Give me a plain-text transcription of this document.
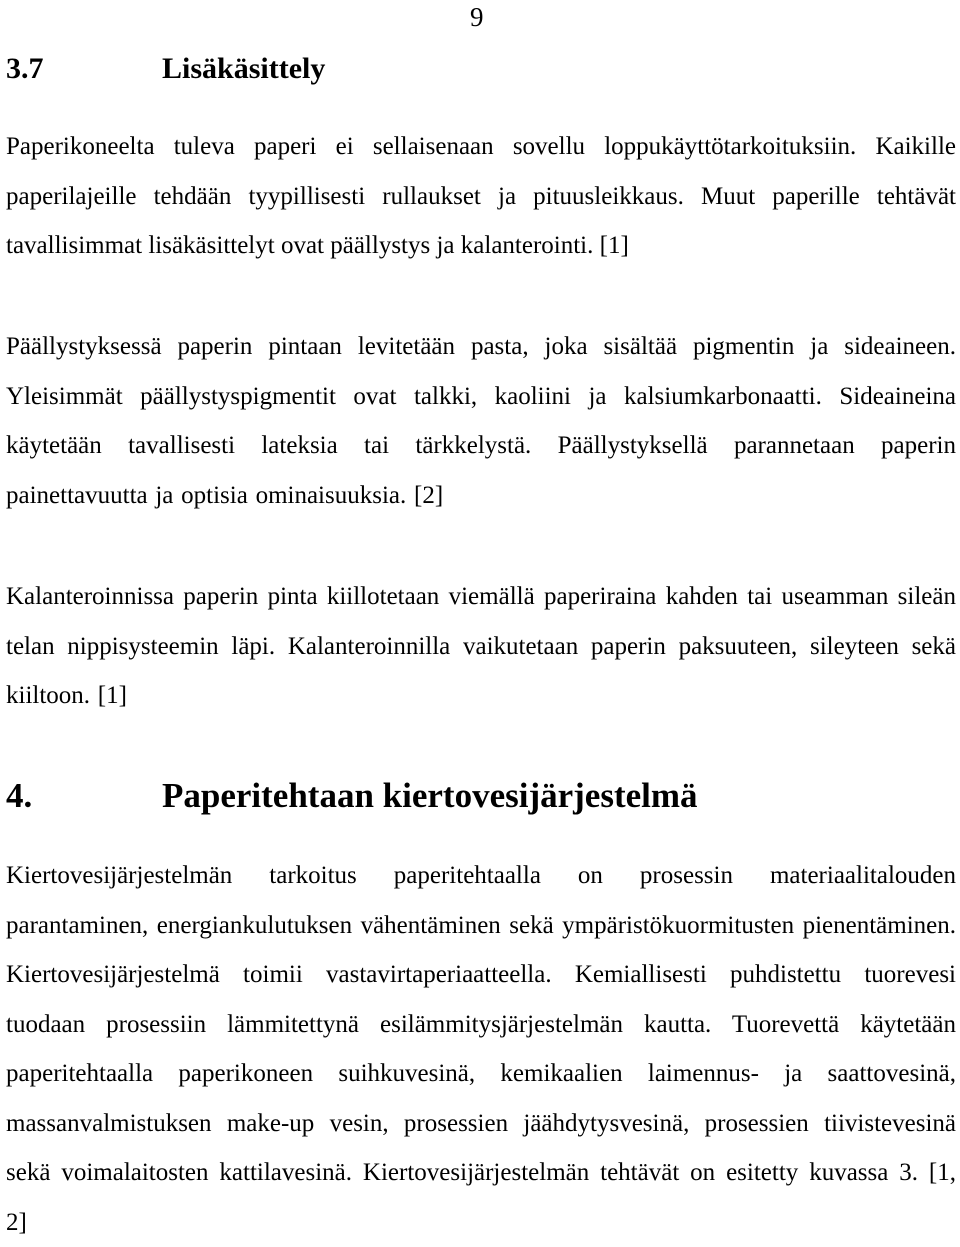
9
3.7	Lisäkäsittely

Paperikoneelta tuleva paperi ei sellaisenaan sovellu loppukäyttötarkoituksiin. Kaikille paperilajeille tehdään tyypillisesti rullaukset ja pituusleikkaus. Muut paperille tehtävät tavallisimmat lisäkäsittelyt ovat päällystys ja kalanterointi. [1]

Päällystyksessä paperin pintaan levitetään pasta, joka sisältää pigmentin ja sideaineen. Yleisimmät päällystyspigmentit ovat talkki, kaoliini ja kalsiumkarbonaatti. Sideaineina käytetään tavallisesti lateksia tai tärkkelystä. Päällystyksellä parannetaan paperin painettavuutta ja optisia ominaisuuksia. [2]

Kalanteroinnissa paperin pinta kiillotetaan viemällä paperiraina kahden tai useamman sileän telan nippisysteemin läpi. Kalanteroinnilla vaikutetaan paperin paksuuteen, sileyteen sekä kiiltoon. [1]

4.	Paperitehtaan kiertovesijärjestelmä

Kiertovesijärjestelmän tarkoitus paperitehtaalla on prosessin materiaalitalouden parantaminen, energiankulutuksen vähentäminen sekä ympäristökuormitusten pienentäminen. Kiertovesijärjestelmä toimii vastavirtaperiaatteella. Kemiallisesti puhdistettu tuorevesi tuodaan prosessiin lämmitettynä esilämmitysjärjestelmän kautta. Tuorevettä käytetään paperitehtaalla paperikoneen suihkuvesinä, kemikaalien laimennus- ja saattovesinä, massanvalmistuksen make-up vesin, prosessien jäähdytysvesinä, prosessien tiivistevesinä sekä voimalaitosten kattilavesinä. Kiertovesijärjestelmän tehtävät on esitetty kuvassa 3. [1, 2]
